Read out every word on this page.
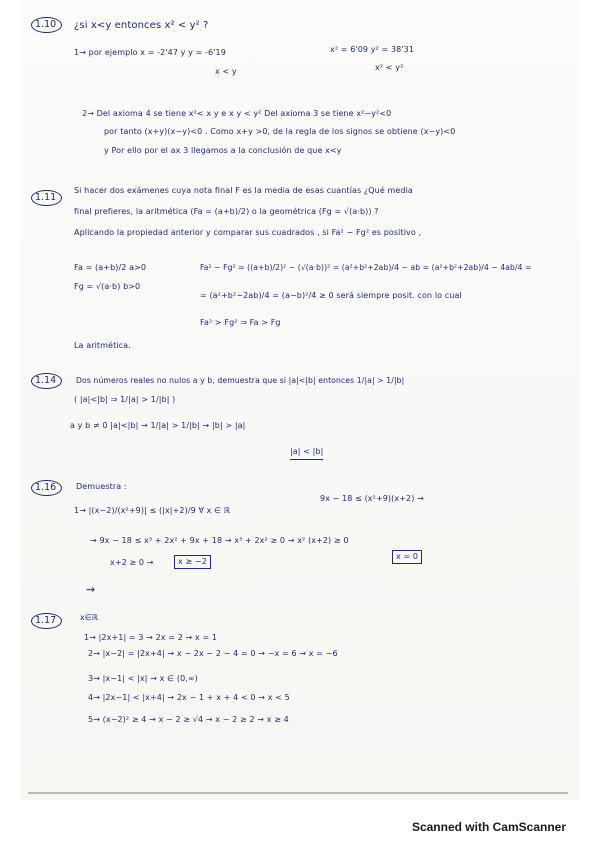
1.10	¿si x<y entonces x² < y² ?
1→ por ejemplo x = -2'47 y y = -6'19	x² = 6'09 y² = 38'31
x < y	x² < y²
2→ Del axioma 4 se tiene x²< x y e x y < y² Del axioma 3 se tiene x²−y²<0
por tanto (x+y)(x−y)<0 . Como x+y >0, de la regla de los signos se obtiene (x−y)<0
y Por ello por el ax 3 llegamos a la conclusión de que x<y
1.11
Si hacer dos exámenes cuya nota final F es la media de esas cuantías ¿Qué media
final prefieres, la aritmética (Fa = (a+b)/2) o la geométrica (Fg = √(a·b)) ?
Aplicando la propiedad anterior y comparar sus cuadrados , si Fa² − Fg² es positivo ,
Fa = (a+b)/2 a>0
Fg = √(a·b) b>0
Fa² − Fg² = ((a+b)/2)² − (√(a·b))² = (a²+b²+2ab)/4 − ab = (a²+b²+2ab)/4 − 4ab/4 =
= (a²+b²−2ab)/4 = (a−b)²/4 ≥ 0 será siempre posit. con lo cual
Fa² > Fg² ⇒ Fa > Fg
La aritmética.
1.14	Dos números reales no nulos a y b, demuestra que si |a|<|b| entonces 1/|a| > 1/|b|
( |a|<|b| ⇒ 1/|a| > 1/|b| )
a y b ≠ 0 |a|<|b| → 1/|a| > 1/|b| → |b| > |a|
|a| < |b|
1.16	Demuestra :
1→ |(x−2)/(x²+9)| ≤ (|x|+2)/9 ∀ x ∈ ℝ
9x − 18 ≤ (x²+9)(x+2) →
→ 9x − 18 ≤ x³ + 2x² + 9x + 18 → x³ + 2x² ≥ 0 → x² (x+2) ≥ 0
x = 0
x+2 ≥ 0 →	x ≥ −2
⇝
1.17	x∈ℝ
1→ |2x+1| = 3 → 2x = 2 → x = 1
2→ |x−2| = |2x+4| → x − 2x − 2 − 4 = 0 → −x = 6 → x = −6
3→ |x−1| < |x| → x ∈ (0,∞)
4→ |2x−1| < |x+4| → 2x − 1 + x + 4 < 0 → x < 5
5→ (x−2)² ≥ 4 → x − 2 ≥ √4 → x − 2 ≥ 2 → x ≥ 4
Scanned with CamScanner
